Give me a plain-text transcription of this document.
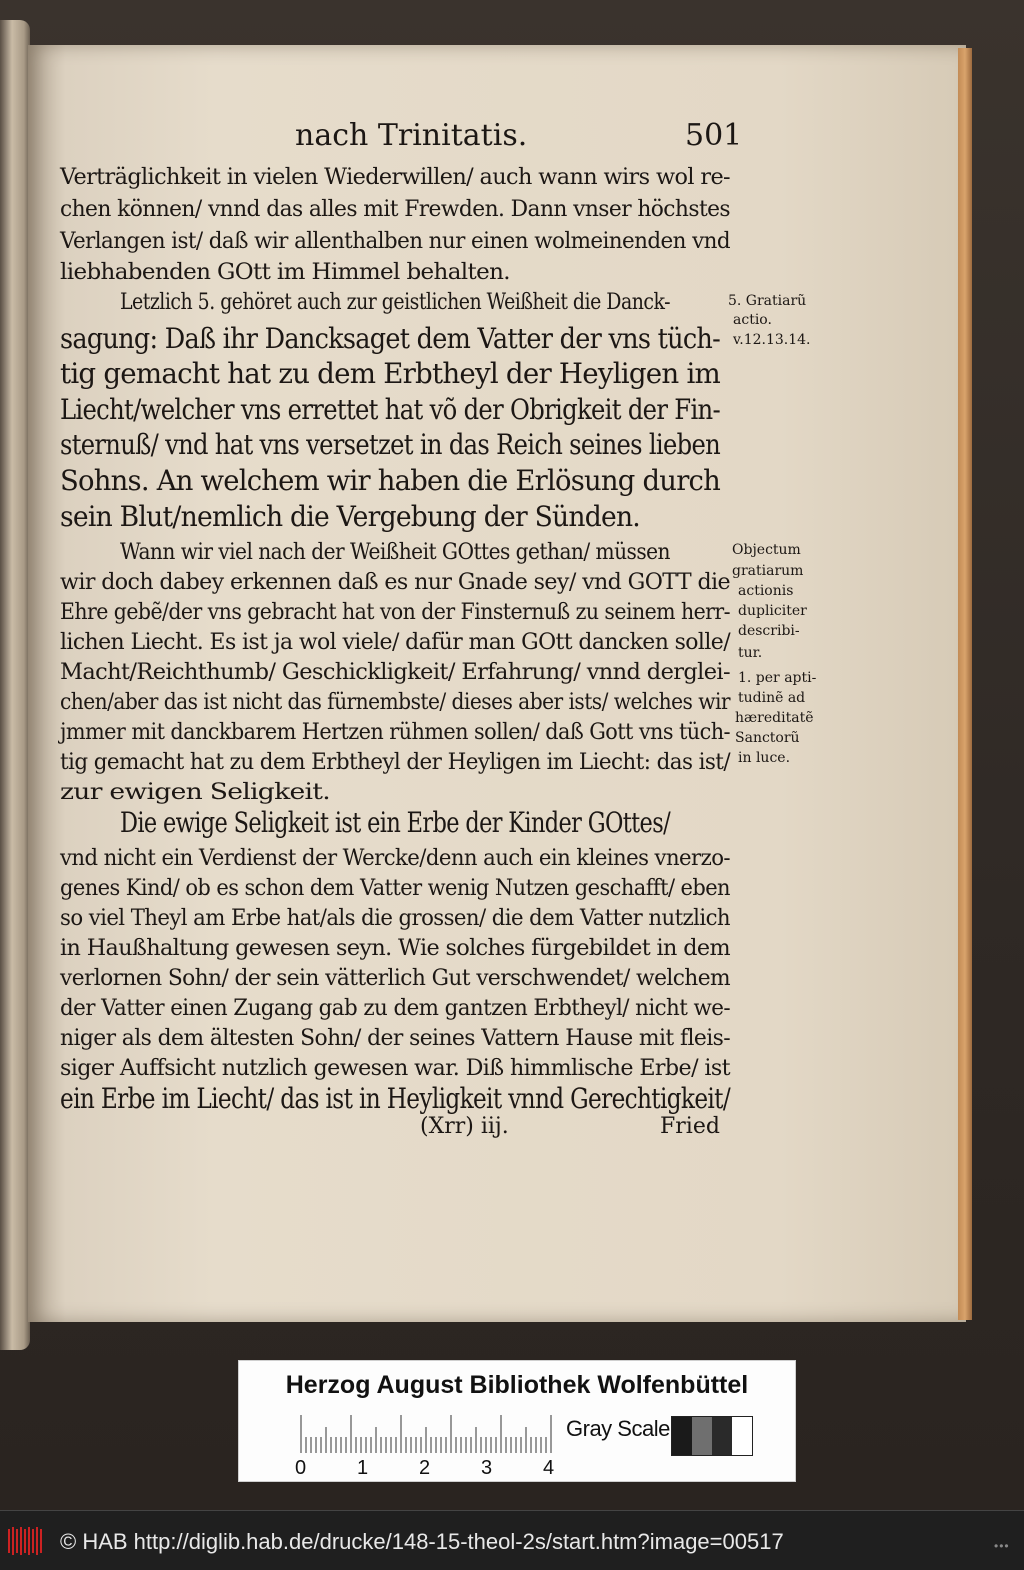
nach Trinitatis.	501
Verträglichkeit in vielen Wiederwillen/ auch wann wirs wol re-
chen können/ vnnd das alles mit Frewden. Dann vnser höchstes
Verlangen ist/ daß wir allenthalben nur einen wolmeinenden vnd
liebhabenden GOtt im Himmel behalten.
Letzlich 5. gehöret auch zur geistlichen Weißheit die Danck-
sagung: Daß ihr Dancksaget dem Vatter der vns tüch-
tig gemacht hat zu dem Erbtheyl der Heyligen im
Liecht/welcher vns errettet hat võ der Obrigkeit der Fin-
sternuß/ vnd hat vns versetzet in das Reich seines lieben
Sohns. An welchem wir haben die Erlösung durch
sein Blut/nemlich die Vergebung der Sünden.
Wann wir viel nach der Weißheit GOttes gethan/ müssen
wir doch dabey erkennen daß es nur Gnade sey/ vnd GOTT die
Ehre gebẽ/der vns gebracht hat von der Finsternuß zu seinem herr-
lichen Liecht. Es ist ja wol viele/ dafür man GOtt dancken solle/
Macht/Reichthumb/ Geschickligkeit/ Erfahrung/ vnnd derglei-
chen/aber das ist nicht das fürnembste/ dieses aber ists/ welches wir
jmmer mit danckbarem Hertzen rühmen sollen/ daß Gott vns tüch-
tig gemacht hat zu dem Erbtheyl der Heyligen im Liecht: das ist/
zur ewigen Seligkeit.
Die ewige Seligkeit ist ein Erbe der Kinder GOttes/
vnd nicht ein Verdienst der Wercke/denn auch ein kleines vnerzo-
genes Kind/ ob es schon dem Vatter wenig Nutzen geschafft/ eben
so viel Theyl am Erbe hat/als die grossen/ die dem Vatter nutzlich
in Haußhaltung gewesen seyn. Wie solches fürgebildet in dem
verlornen Sohn/ der sein vätterlich Gut verschwendet/ welchem
der Vatter einen Zugang gab zu dem gantzen Erbtheyl/ nicht we-
niger als dem ältesten Sohn/ der seines Vattern Hause mit fleis-
siger Auffsicht nutzlich gewesen war. Diß himmlische Erbe/ ist
ein Erbe im Liecht/ das ist in Heyligkeit vnnd Gerechtigkeit/
5. Gratiarũ
actio.
v.12.13.14.
Objectum
gratiarum
actionis
dupliciter
describi-
tur.
1. per apti-
tudinẽ ad
hæreditatẽ
Sanctorũ
in luce.
(Xrr) iij.	Fried
Herzog August Bibliothek Wolfenbüttel
0	1	2	3	4
Gray Scale
© HAB http://diglib.hab.de/drucke/148-15-theol-2s/start.htm?image=00517	•••
